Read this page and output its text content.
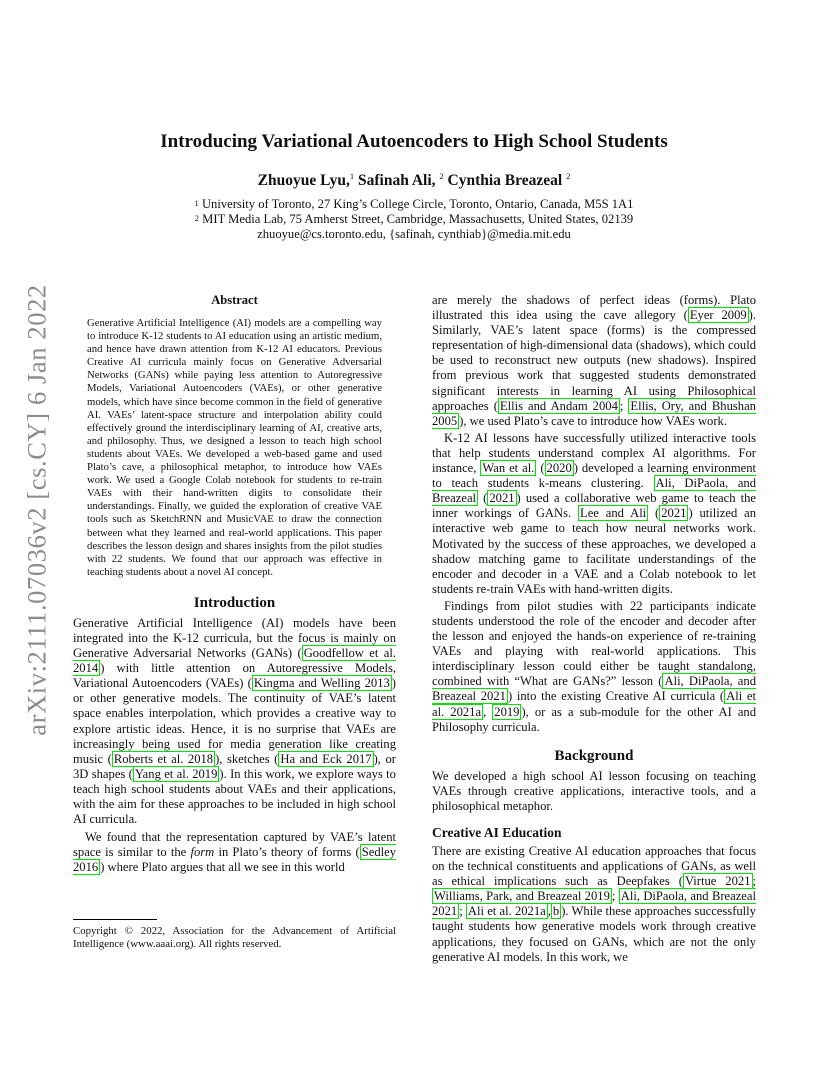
arXiv:2111.07036v2 [cs.CY] 6 Jan 2022
Introducing Variational Autoencoders to High School Students
Zhuoyue Lyu,$^1$ Safinah Ali, $^2$ Cynthia Breazeal $^2$
$^1$ University of Toronto, 27 King’s College Circle, Toronto, Ontario, Canada, M5S 1A1
$^2$ MIT Media Lab, 75 Amherst Street, Cambridge, Massachusetts, United States, 02139
zhuoyue@cs.toronto.edu, {safinah, cynthiab}@media.mit.edu
Abstract

Generative Artificial Intelligence (AI) models are a compelling way to introduce K-12 students to AI education using an artistic medium, and hence have drawn attention from K-12 AI educators. Previous Creative AI curricula mainly focus on Generative Adversarial Networks (GANs) while paying less attention to Autoregressive Models, Variational Autoencoders (VAEs), or other generative models, which have since become common in the field of generative AI. VAEs’ latent-space structure and interpolation ability could effectively ground the interdisciplinary learning of AI, creative arts, and philosophy. Thus, we designed a lesson to teach high school students about VAEs. We developed a web-based game and used Plato’s cave, a philosophical metaphor, to introduce how VAEs work. We used a Google Colab notebook for students to re-train VAEs with their hand-written digits to consolidate their understandings. Finally, we guided the exploration of creative VAE tools such as SketchRNN and MusicVAE to draw the connection between what they learned and real-world applications. This paper describes the lesson design and shares insights from the pilot studies with 22 students. We found that our approach was effective in teaching students about a novel AI concept.

Introduction

Generative Artificial Intelligence (AI) models have been integrated into the K-12 curricula, but the focus is mainly on Generative Adversarial Networks (GANs) ( Goodfellow et al. 2014 ) with little attention on Autoregressive Models, Variational Autoencoders (VAEs) ( Kingma and Welling 2013 ) or other generative models. The continuity of VAE’s latent space enables interpolation, which provides a creative way to explore artistic ideas. Hence, it is no surprise that VAEs are increasingly being used for media generation like creating music ( Roberts et al. 2018 ), sketches ( Ha and Eck 2017 ), or 3D shapes ( Yang et al. 2019 ). In this work, we explore ways to teach high school students about VAEs and their applications, with the aim for these approaches to be included in high school AI curricula.

We found that the representation captured by VAE’s latent space is similar to the form in Plato’s theory of forms ( Sedley 2016 ) where Plato argues that all we see in this world

are merely the shadows of perfect ideas (forms). Plato illustrated this idea using the cave allegory ( Eyer 2009 ). Similarly, VAE’s latent space (forms) is the compressed representation of high-dimensional data (shadows), which could be used to reconstruct new outputs (new shadows). Inspired from previous work that suggested students demonstrated significant interests in learning AI using Philosophical approaches ( Ellis and Andam 2004 ; Ellis, Ory, and Bhushan 2005 ), we used Plato’s cave to introduce how VAEs work.

K-12 AI lessons have successfully utilized interactive tools that help students understand complex AI algorithms. For instance, Wan et al. ( 2020 ) developed a learning environment to teach students k-means clustering. Ali, DiPaola, and Breazeal ( 2021 ) used a collaborative web game to teach the inner workings of GANs. Lee and Ali ( 2021 ) utilized an interactive web game to teach how neural networks work. Motivated by the success of these approaches, we developed a shadow matching game to facilitate understandings of the encoder and decoder in a VAE and a Colab notebook to let students re-train VAEs with hand-written digits.

Findings from pilot studies with 22 participants indicate students understood the role of the encoder and decoder after the lesson and enjoyed the hands-on experience of re-training VAEs and playing with real-world applications. This interdisciplinary lesson could either be taught standalong, combined with “What are GANs?” lesson ( Ali, DiPaola, and Breazeal 2021 ) into the existing Creative AI curricula ( Ali et al. 2021a , 2019 ), or as a sub-module for the other AI and Philosophy curricula.

Background

We developed a high school AI lesson focusing on teaching VAEs through creative applications, interactive tools, and a philosophical metaphor.

Creative AI Education

There are existing Creative AI education approaches that focus on the technical constituents and applications of GANs, as well as ethical implications such as Deepfakes ( Virtue 2021 ; Williams, Park, and Breazeal 2019 ; Ali, DiPaola, and Breazeal 2021 ; Ali et al. 2021a , b ). While these approaches successfully taught students how generative models work through creative applications, they focused on GANs, which are not the only generative AI models. In this work, we

Copyright © 2022, Association for the Advancement of Artificial Intelligence (www.aaai.org). All rights reserved.
